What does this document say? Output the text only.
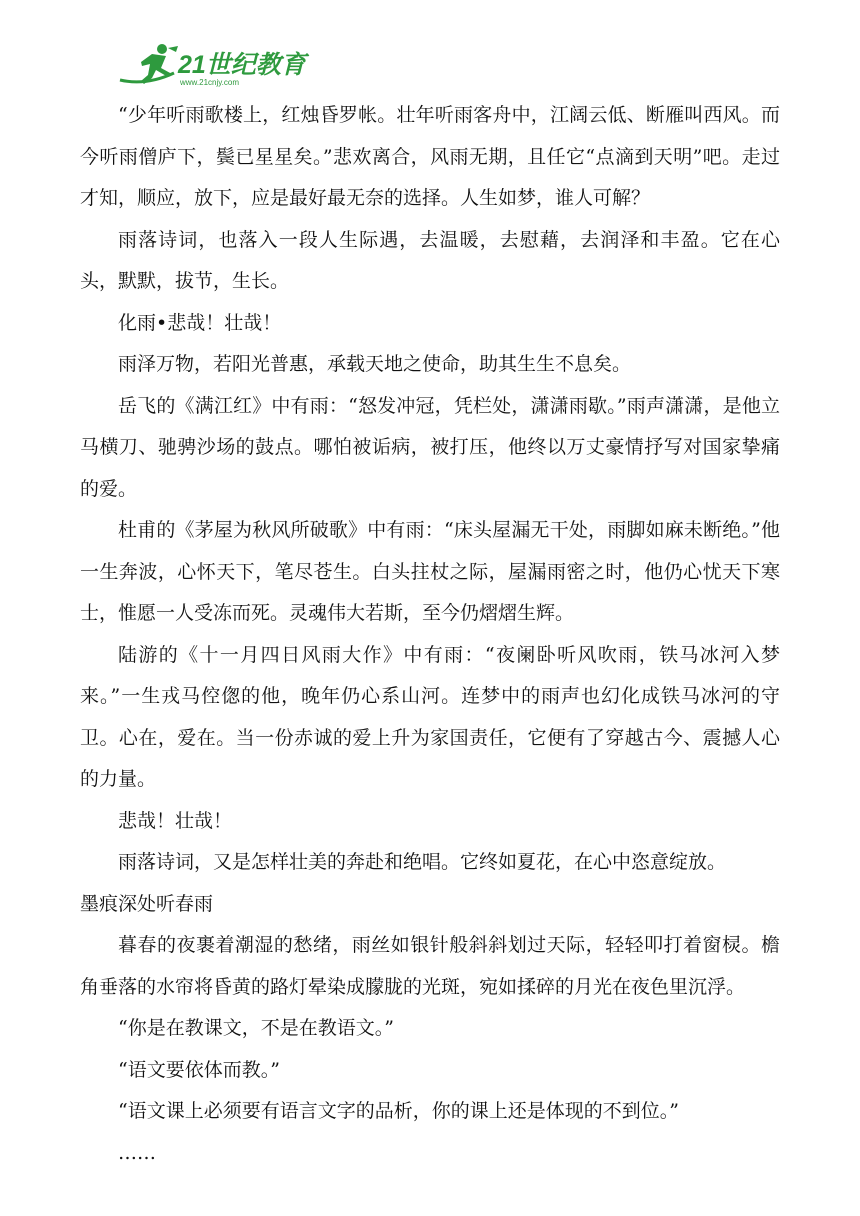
21世纪教育
www.21cnjy.com

“少年听雨歌楼上，红烛昏罗帐。壮年听雨客舟中，江阔云低、断雁叫西风。而今听雨僧庐下，鬓已星星矣。”悲欢离合，风雨无期，且任它“点滴到天明”吧。走过才知，顺应，放下，应是最好最无奈的选择。人生如梦，谁人可解？

雨落诗词，也落入一段人生际遇，去温暖，去慰藉，去润泽和丰盈。它在心头，默默，拔节，生长。

化雨•悲哉！壮哉！

雨泽万物，若阳光普惠，承载天地之使命，助其生生不息矣。

岳飞的《满江红》中有雨：“怒发冲冠，凭栏处，潇潇雨歇。”雨声潇潇，是他立马横刀、驰骋沙场的鼓点。哪怕被诟病，被打压，他终以万丈豪情抒写对国家挚痛的爱。

杜甫的《茅屋为秋风所破歌》中有雨：“床头屋漏无干处，雨脚如麻未断绝。”他一生奔波，心怀天下，笔尽苍生。白头拄杖之际，屋漏雨密之时，他仍心忧天下寒士，惟愿一人受冻而死。灵魂伟大若斯，至今仍熠熠生辉。

陆游的《十一月四日风雨大作》中有雨：“夜阑卧听风吹雨，铁马冰河入梦来。”一生戎马倥偬的他，晚年仍心系山河。连梦中的雨声也幻化成铁马冰河的守卫。心在，爱在。当一份赤诚的爱上升为家国责任，它便有了穿越古今、震撼人心的力量。

悲哉！壮哉！

雨落诗词，又是怎样壮美的奔赴和绝唱。它终如夏花，在心中恣意绽放。

墨痕深处听春雨

暮春的夜裹着潮湿的愁绪，雨丝如银针般斜斜划过天际，轻轻叩打着窗棂。檐角垂落的水帘将昏黄的路灯晕染成朦胧的光斑，宛如揉碎的月光在夜色里沉浮。

“你是在教课文，不是在教语文。”

“语文要依体而教。”

“语文课上必须要有语言文字的品析，你的课上还是体现的不到位。”

……
